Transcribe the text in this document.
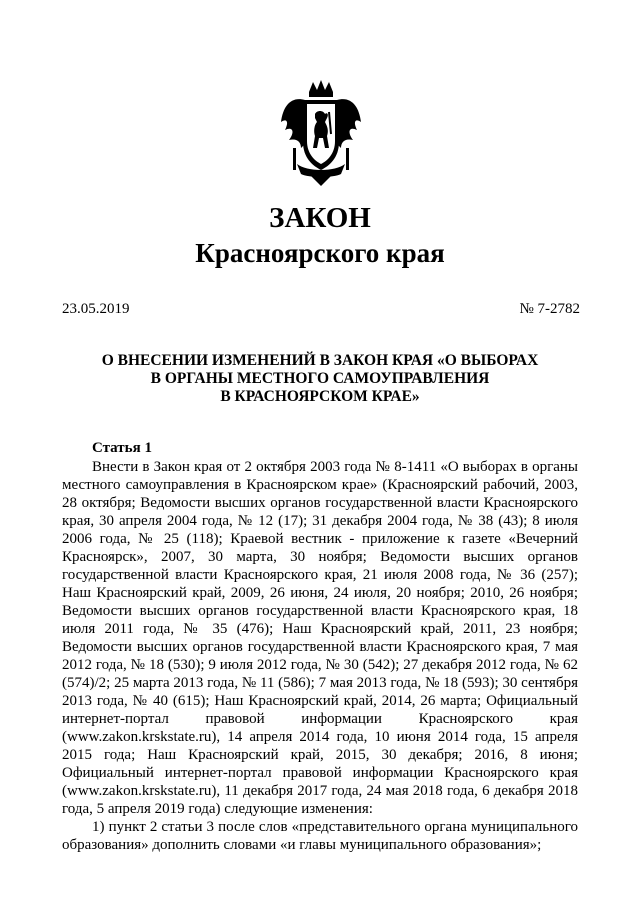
ЗАКОН
Красноярского края
23.05.2019	№ 7-2782
О ВНЕСЕНИИ ИЗМЕНЕНИЙ В ЗАКОН КРАЯ «О ВЫБОРАХ
В ОРГАНЫ МЕСТНОГО САМОУПРАВЛЕНИЯ
В КРАСНОЯРСКОМ КРАЕ»
Статья 1

Внести в Закон края от 2 октября 2003 года № 8-1411 «О выборах в органы местного самоуправления в Красноярском крае» (Красноярский рабочий, 2003, 28 октября; Ведомости высших органов государственной власти Красноярского края, 30 апреля 2004 года, № 12 (17); 31 декабря 2004 года, № 38 (43); 8 июля 2006 года, № 25 (118); Краевой вестник - приложение к газете «Вечерний Красноярск», 2007, 30 марта, 30 ноября; Ведомости высших органов государственной власти Красноярского края, 21 июля 2008 года, № 36 (257); Наш Красноярский край, 2009, 26 июня, 24 июля, 20 ноября; 2010, 26 ноября; Ведомости высших органов государственной власти Красноярского края, 18 июля 2011 года, № 35 (476); Наш Красноярский край, 2011, 23 ноября; Ведомости высших органов государственной власти Красноярского края, 7 мая 2012 года, № 18 (530); 9 июля 2012 года, № 30 (542); 27 декабря 2012 года, № 62 (574)/2; 25 марта 2013 года, № 11 (586); 7 мая 2013 года, № 18 (593); 30 сентября 2013 года, № 40 (615); Наш Красноярский край, 2014, 26 марта; Официальный интернет-портал правовой информации Красноярского края (www.zakon.krskstate.ru), 14 апреля 2014 года, 10 июня 2014 года, 15 апреля 2015 года; Наш Красноярский край, 2015, 30 декабря; 2016, 8 июня; Официальный интернет-портал правовой информации Красноярского края (www.zakon.krskstate.ru), 11 декабря 2017 года, 24 мая 2018 года, 6 декабря 2018 года, 5 апреля 2019 года) следующие изменения:

1) пункт 2 статьи 3 после слов «представительного органа муниципального образования» дополнить словами «и главы муниципального образования»;
